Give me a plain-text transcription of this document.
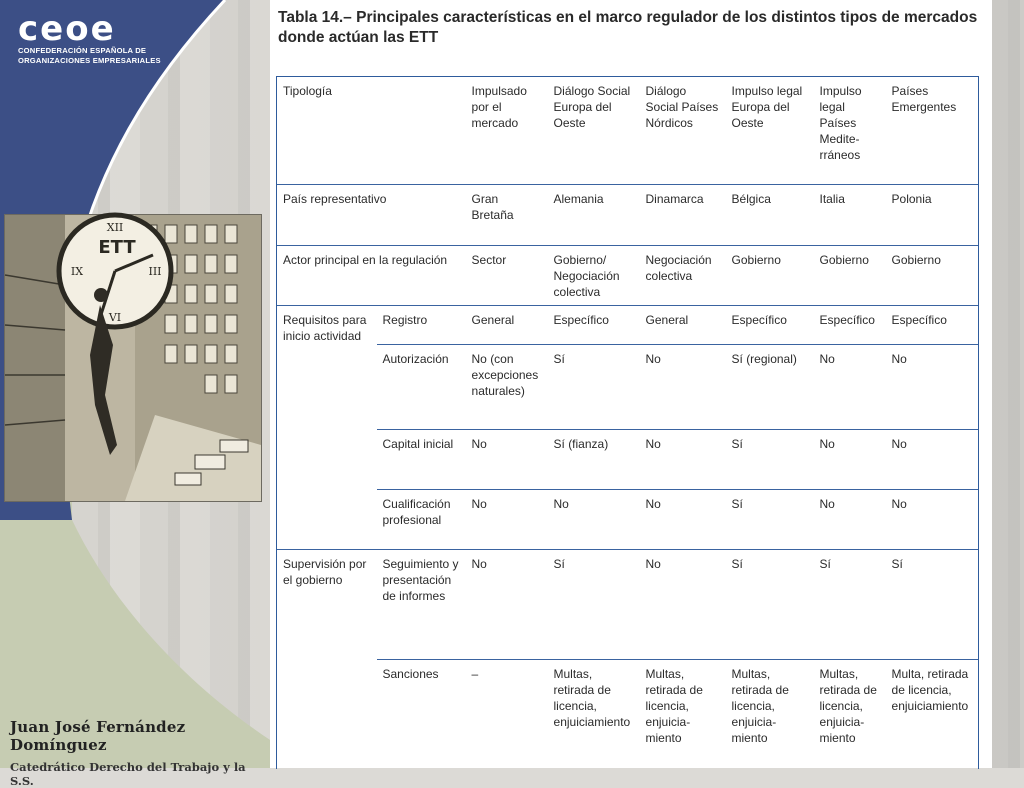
ceoe
CONFEDERACIÓN ESPAÑOLA DE
ORGANIZACIONES EMPRESARIALES
XII
III
IX
VI
ETT
Juan José Fernández Domínguez
Catedrático Derecho del Trabajo y la S.S.
Tabla 14.– Principales características en el marco regulador de los distintos tipos de mercados donde actúan las ETT
Tipología		Impulsado por el mercado	Diálogo Social Europa del Oeste	Diálogo Social Países Nórdicos	Impulso legal Europa del Oeste	Impulso legal Países Medite-rráneos	Países Emergentes
País representativo		Gran Bretaña	Alemania	Dinamarca	Bélgica	Italia	Polonia
Actor principal en la regulación		Sector	Gobierno/ Negociación colectiva	Negociación colectiva	Gobierno	Gobierno	Gobierno
Requisitos para inicio actividad	Registro	General	Específico	General	Específico	Específico	Específico
	Autorización	No (con excepciones naturales)	Sí	No	Sí (regional)	No	No
	Capital inicial	No	Sí (fianza)	No	Sí	No	No
	Cualificación profesional	No	No	No	Sí	No	No
Supervisión por el gobierno	Seguimiento y presentación de informes	No	Sí	No	Sí	Sí	Sí
	Sanciones	–	Multas, retirada de licencia, enjuiciamiento	Multas, retirada de licencia, enjuicia-miento	Multas, retirada de licencia, enjuicia-miento	Multas, retirada de licencia, enjuicia-miento	Multa, retirada de licencia, enjuiciamiento
